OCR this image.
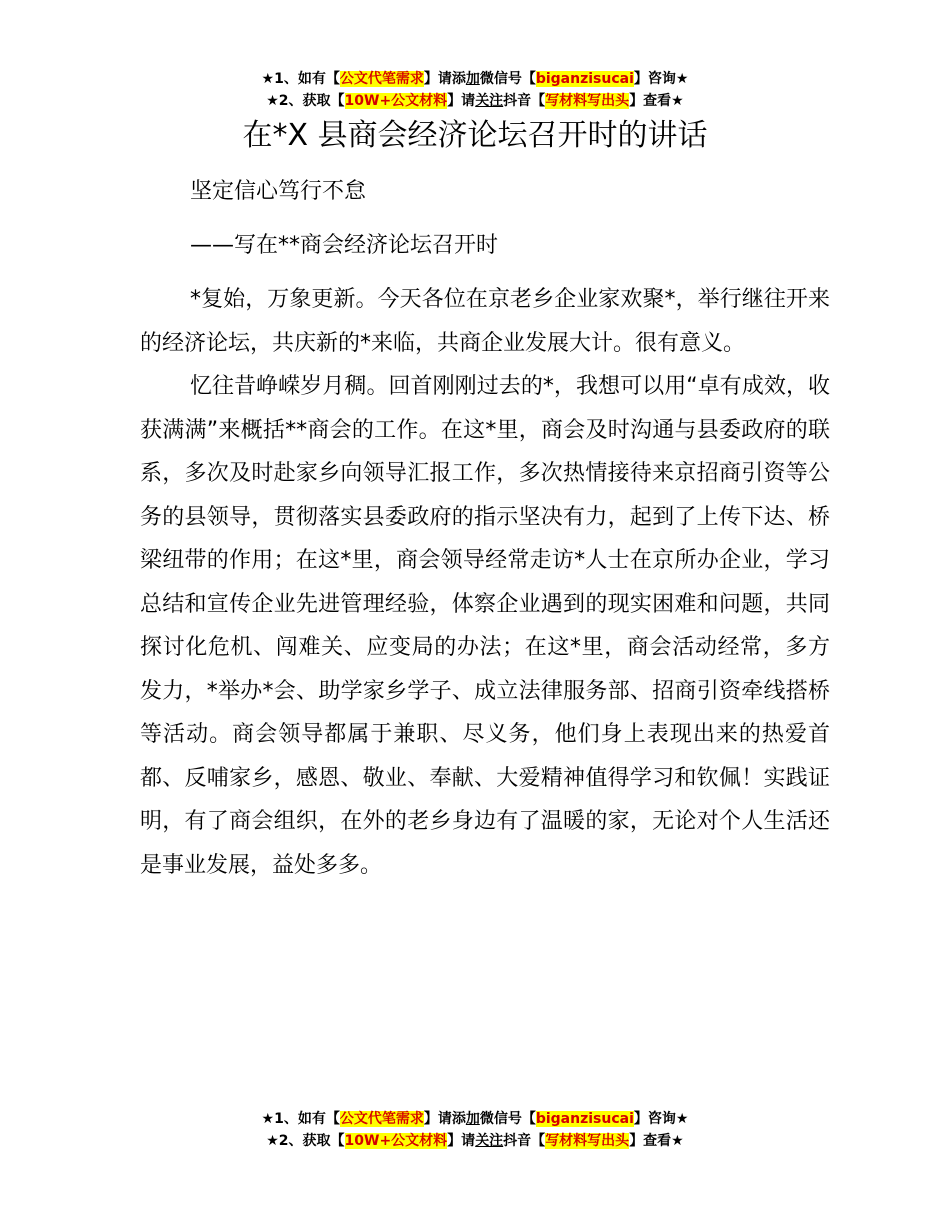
★1、如有【公文代笔需求】请添加微信号【biganzisucai】咨询★
★2、获取【10W+公文材料】请关注抖音【写材料写出头】查看★
在*X 县商会经济论坛召开时的讲话

坚定信心笃行不怠

——写在**商会经济论坛召开时

*复始，万象更新。今天各位在京老乡企业家欢聚*，举行继往开来的经济论坛，共庆新的*来临，共商企业发展大计。很有意义。

忆往昔峥嵘岁月稠。回首刚刚过去的*，我想可以用“卓有成效，收获满满”来概括**商会的工作。在这*里，商会及时沟通与县委政府的联系，多次及时赴家乡向领导汇报工作，多次热情接待来京招商引资等公务的县领导，贯彻落实县委政府的指示坚决有力，起到了上传下达、桥梁纽带的作用；在这*里，商会领导经常走访*人士在京所办企业，学习总结和宣传企业先进管理经验，体察企业遇到的现实困难和问题，共同探讨化危机、闯难关、应变局的办法；在这*里，商会活动经常，多方发力，*举办*会、助学家乡学子、成立法律服务部、招商引资牵线搭桥等活动。商会领导都属于兼职、尽义务，他们身上表现出来的热爱首都、反哺家乡，感恩、敬业、奉献、大爱精神值得学习和钦佩！实践证明，有了商会组织，在外的老乡身边有了温暖的家，无论对个人生活还是事业发展，益处多多。

★1、如有【公文代笔需求】请添加微信号【biganzisucai】咨询★
★2、获取【10W+公文材料】请关注抖音【写材料写出头】查看★
